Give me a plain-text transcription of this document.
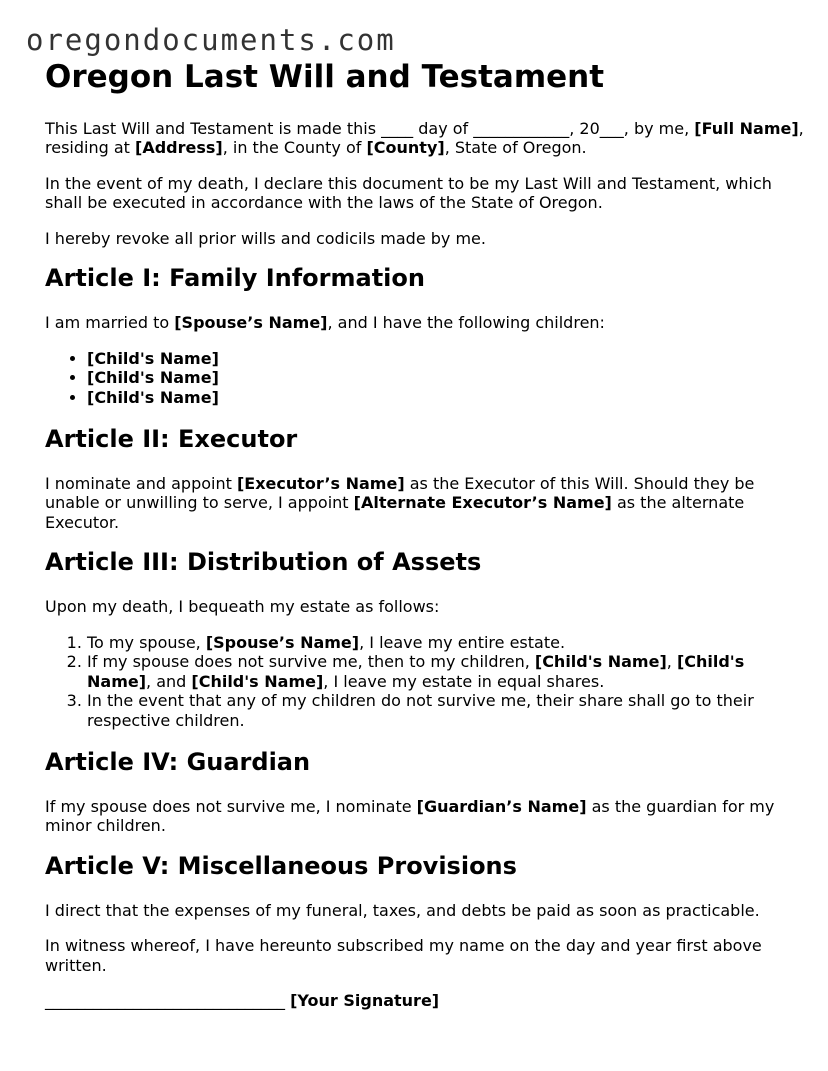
oregondocuments.com
Oregon Last Will and Testament

This Last Will and Testament is made this ____ day of ____________, 20___, by me, [Full Name], residing at [Address], in the County of [County], State of Oregon.

In the event of my death, I declare this document to be my Last Will and Testament, which shall be executed in accordance with the laws of the State of Oregon.

I hereby revoke all prior wills and codicils made by me.

Article I: Family Information

I am married to [Spouse’s Name], and I have the following children:

• [Child's Name]
• [Child's Name]
• [Child's Name]
Article II: Executor

I nominate and appoint [Executor’s Name] as the Executor of this Will. Should they be unable or unwilling to serve, I appoint [Alternate Executor’s Name] as the alternate Executor.

Article III: Distribution of Assets

Upon my death, I bequeath my estate as follows:

1. To my spouse, [Spouse’s Name], I leave my entire estate.
2. If my spouse does not survive me, then to my children, [Child's Name], [Child's Name], and [Child's Name], I leave my estate in equal shares.
3. In the event that any of my children do not survive me, their share shall go to their respective children.
Article IV: Guardian

If my spouse does not survive me, I nominate [Guardian’s Name] as the guardian for my minor children.

Article V: Miscellaneous Provisions

I direct that the expenses of my funeral, taxes, and debts be paid as soon as practicable.

In witness whereof, I have hereunto subscribed my name on the day and year first above written.

______________________________ [Your Signature]
